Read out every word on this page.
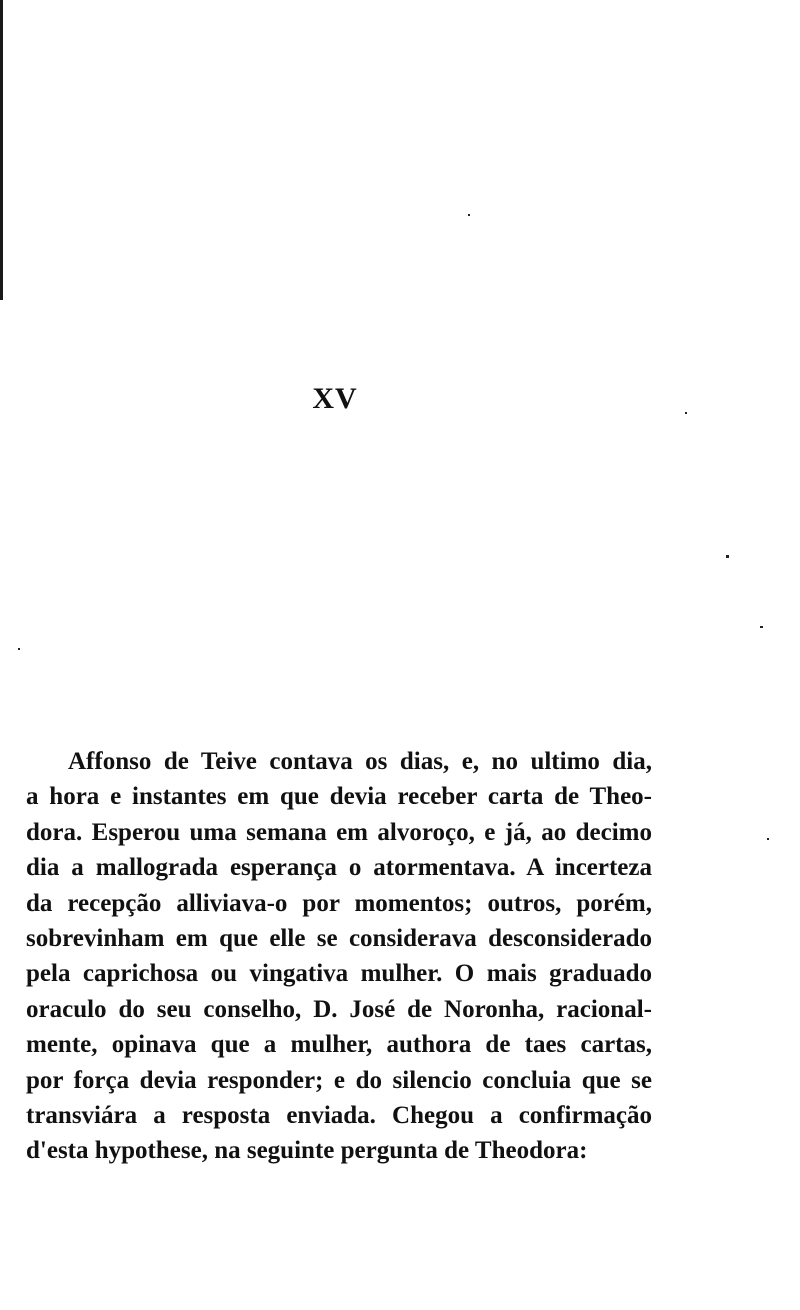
XV
Affonso de Teive contava os dias, e, no ultimo dia,
a hora e instantes em que devia receber carta de Theo-
dora. Esperou uma semana em alvoroço, e já, ao decimo
dia a mallograda esperança o atormentava. A incerteza
da recepção alliviava-o por momentos; outros, porém,
sobrevinham em que elle se considerava desconsiderado
pela caprichosa ou vingativa mulher. O mais graduado
oraculo do seu conselho, D. José de Noronha, racional-
mente, opinava que a mulher, authora de taes cartas,
por força devia responder; e do silencio concluia que se
transviára a resposta enviada. Chegou a confirmação
d'esta hypothese, na seguinte pergunta de Theodora:
